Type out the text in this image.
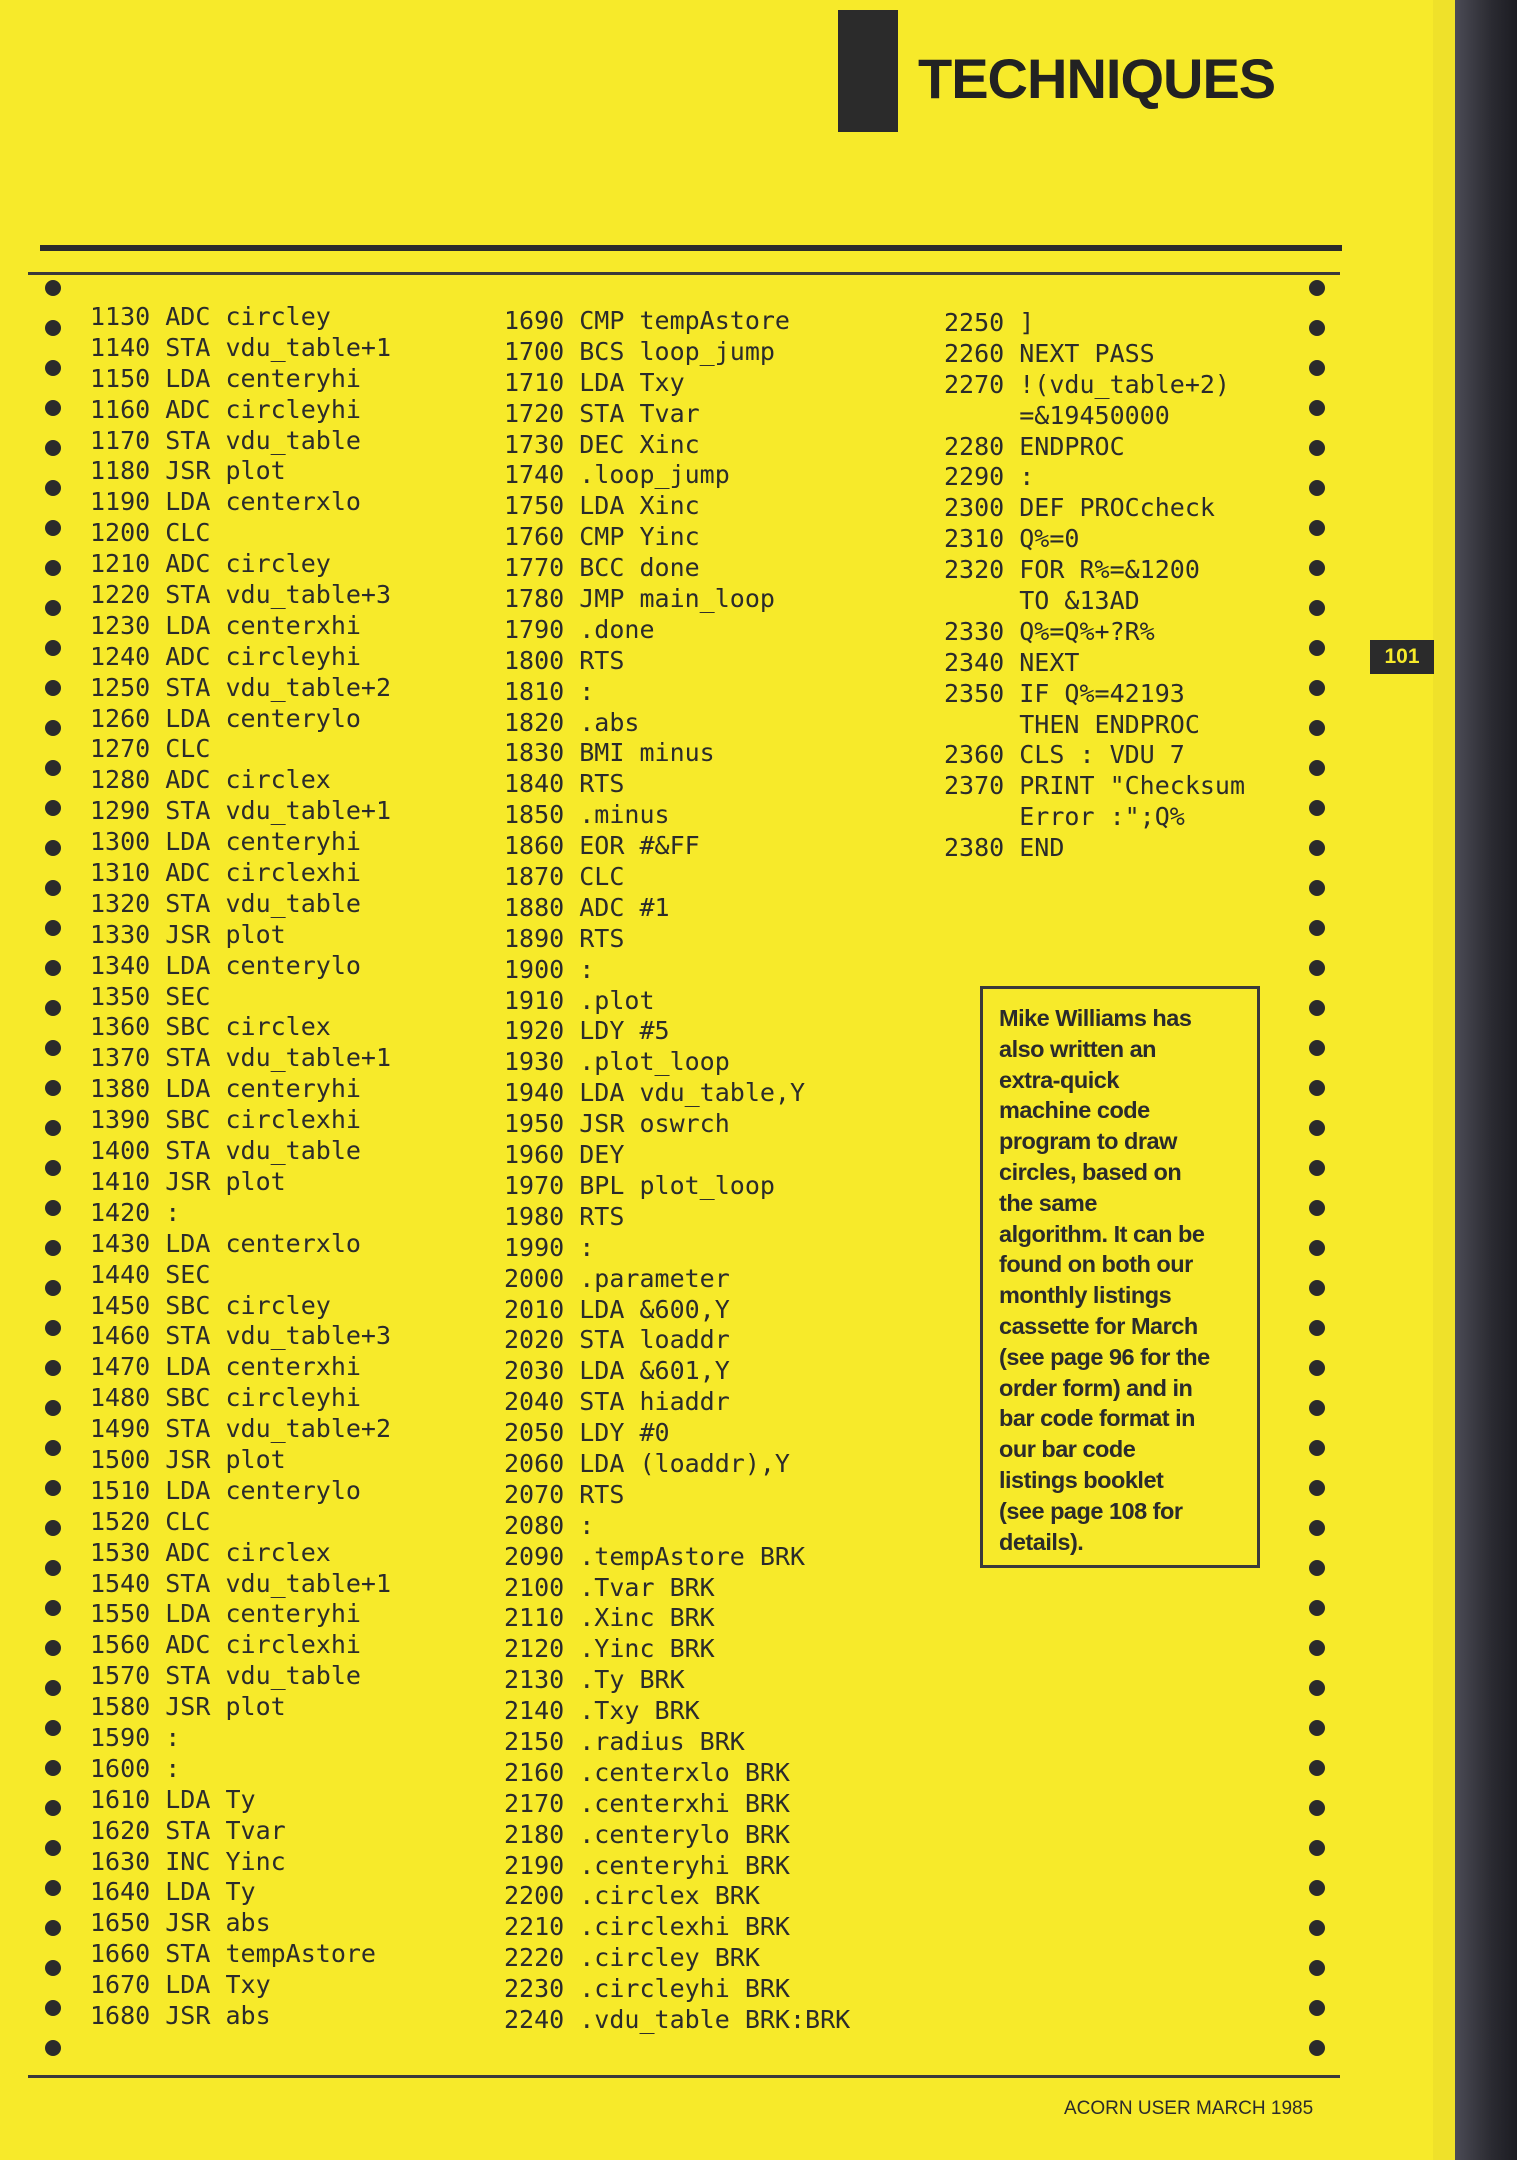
TECHNIQUES
101
1130 ADC circley
1140 STA vdu_table+1
1150 LDA centeryhi
1160 ADC circleyhi
1170 STA vdu_table
1180 JSR plot
1190 LDA centerxlo
1200 CLC
1210 ADC circley
1220 STA vdu_table+3
1230 LDA centerxhi
1240 ADC circleyhi
1250 STA vdu_table+2
1260 LDA centerylo
1270 CLC
1280 ADC circlex
1290 STA vdu_table+1
1300 LDA centeryhi
1310 ADC circlexhi
1320 STA vdu_table
1330 JSR plot
1340 LDA centerylo
1350 SEC
1360 SBC circlex
1370 STA vdu_table+1
1380 LDA centeryhi
1390 SBC circlexhi
1400 STA vdu_table
1410 JSR plot
1420 :
1430 LDA centerxlo
1440 SEC
1450 SBC circley
1460 STA vdu_table+3
1470 LDA centerxhi
1480 SBC circleyhi
1490 STA vdu_table+2
1500 JSR plot
1510 LDA centerylo
1520 CLC
1530 ADC circlex
1540 STA vdu_table+1
1550 LDA centeryhi
1560 ADC circlexhi
1570 STA vdu_table
1580 JSR plot
1590 :
1600 :
1610 LDA Ty
1620 STA Tvar
1630 INC Yinc
1640 LDA Ty
1650 JSR abs
1660 STA tempAstore
1670 LDA Txy
1680 JSR abs
1690 CMP tempAstore
1700 BCS loop_jump
1710 LDA Txy
1720 STA Tvar
1730 DEC Xinc
1740 .loop_jump
1750 LDA Xinc
1760 CMP Yinc
1770 BCC done
1780 JMP main_loop
1790 .done
1800 RTS
1810 :
1820 .abs
1830 BMI minus
1840 RTS
1850 .minus
1860 EOR #&FF
1870 CLC
1880 ADC #1
1890 RTS
1900 :
1910 .plot
1920 LDY #5
1930 .plot_loop
1940 LDA vdu_table,Y
1950 JSR oswrch
1960 DEY
1970 BPL plot_loop
1980 RTS
1990 :
2000 .parameter
2010 LDA &600,Y
2020 STA loaddr
2030 LDA &601,Y
2040 STA hiaddr
2050 LDY #0
2060 LDA (loaddr),Y
2070 RTS
2080 :
2090 .tempAstore BRK
2100 .Tvar BRK
2110 .Xinc BRK
2120 .Yinc BRK
2130 .Ty BRK
2140 .Txy BRK
2150 .radius BRK
2160 .centerxlo BRK
2170 .centerxhi BRK
2180 .centerylo BRK
2190 .centeryhi BRK
2200 .circlex BRK
2210 .circlexhi BRK
2220 .circley BRK
2230 .circleyhi BRK
2240 .vdu_table BRK:BRK
2250 ]
2260 NEXT PASS
2270 !(vdu_table+2)
=&19450000
2280 ENDPROC
2290 :
2300 DEF PROCcheck
2310 Q%=0
2320 FOR R%=&1200
TO &13AD
2330 Q%=Q%+?R%
2340 NEXT
2350 IF Q%=42193
THEN ENDPROC
2360 CLS : VDU 7
2370 PRINT "Checksum
Error :";Q%
2380 END
Mike Williams has
also written an
extra-quick
machine code
program to draw
circles, based on
the same
algorithm. It can be
found on both our
monthly listings
cassette for March
(see page 96 for the
order form) and in
bar code format in
our bar code
listings booklet
(see page 108 for
details).
ACORN USER MARCH 1985
